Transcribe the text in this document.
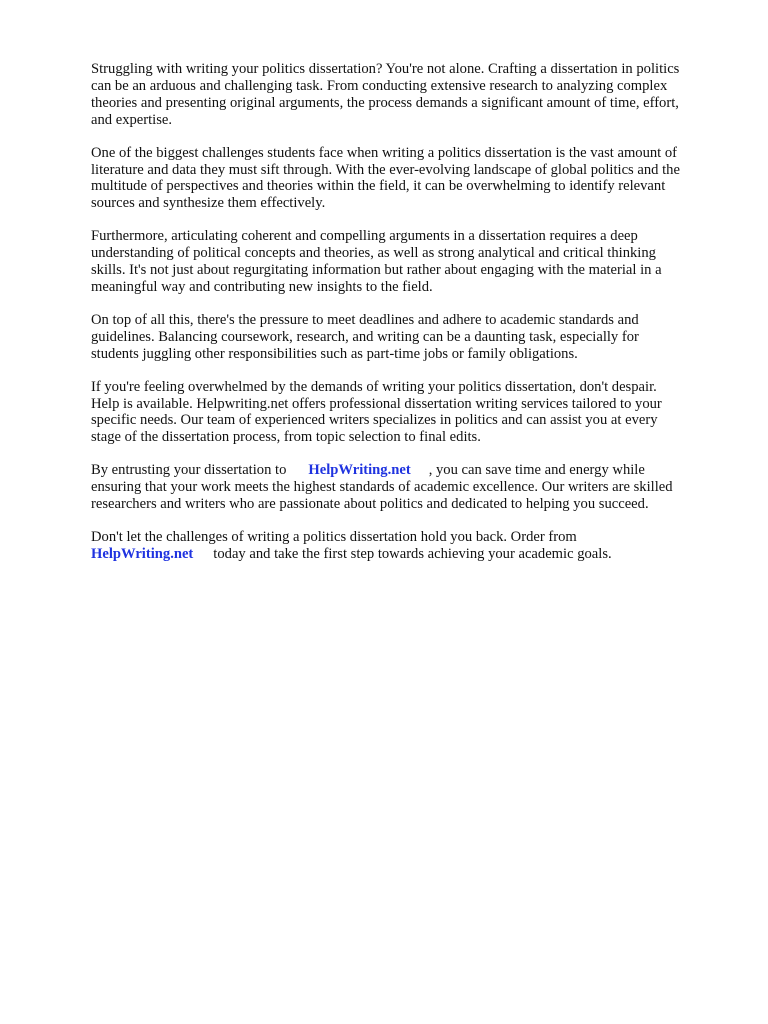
Struggling with writing your politics dissertation? You're not alone. Crafting a dissertation in politics
can be an arduous and challenging task. From conducting extensive research to analyzing complex
theories and presenting original arguments, the process demands a significant amount of time, effort,
and expertise.

One of the biggest challenges students face when writing a politics dissertation is the vast amount of
literature and data they must sift through. With the ever-evolving landscape of global politics and the
multitude of perspectives and theories within the field, it can be overwhelming to identify relevant
sources and synthesize them effectively.

Furthermore, articulating coherent and compelling arguments in a dissertation requires a deep
understanding of political concepts and theories, as well as strong analytical and critical thinking
skills. It's not just about regurgitating information but rather about engaging with the material in a
meaningful way and contributing new insights to the field.

On top of all this, there's the pressure to meet deadlines and adhere to academic standards and
guidelines. Balancing coursework, research, and writing can be a daunting task, especially for
students juggling other responsibilities such as part-time jobs or family obligations.

If you're feeling overwhelmed by the demands of writing your politics dissertation, don't despair.
Help is available. Helpwriting.net offers professional dissertation writing services tailored to your
specific needs. Our team of experienced writers specializes in politics and can assist you at every
stage of the dissertation process, from topic selection to final edits.

By entrusting your dissertation to HelpWriting.net , you can save time and energy while
ensuring that your work meets the highest standards of academic excellence. Our writers are skilled
researchers and writers who are passionate about politics and dedicated to helping you succeed.

Don't let the challenges of writing a politics dissertation hold you back. Order from
HelpWriting.net today and take the first step towards achieving your academic goals.
